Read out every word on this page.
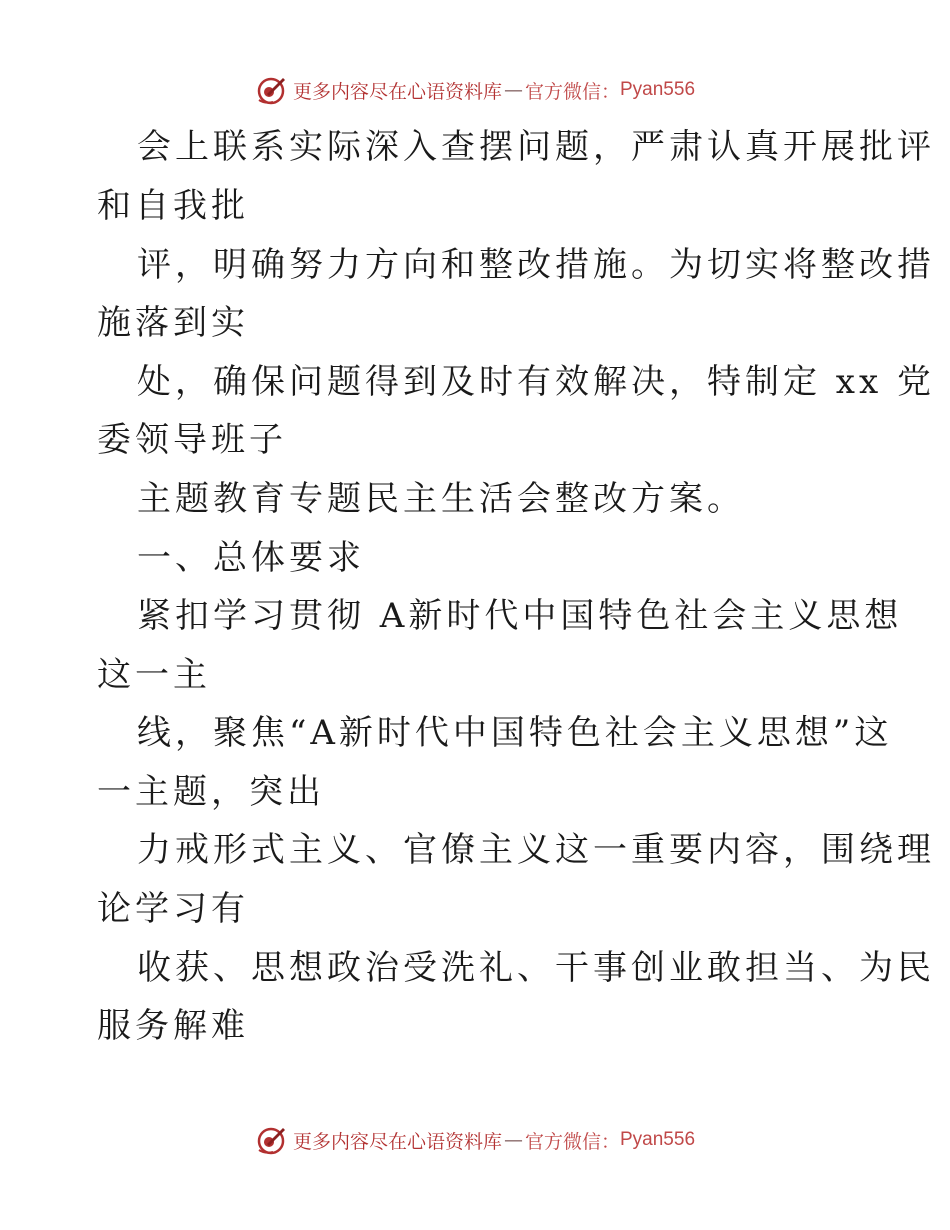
更多内容尽在心语资料库 — 官方微信： Pyan556
会上联系实际深入查摆问题，严肃认真开展批评
和自我批
评，明确努力方向和整改措施。为切实将整改措
施落到实
处，确保问题得到及时有效解决，特制定 xx 党
委领导班子
主题教育专题民主生活会整改方案。
一、总体要求
紧扣学习贯彻 A新时代中国特色社会主义思想
这一主
线，聚焦“A新时代中国特色社会主义思想”这
一主题，突出
力戒形式主义、官僚主义这一重要内容，围绕理
论学习有
收获、思想政治受洗礼、干事创业敢担当、为民
服务解难
更多内容尽在心语资料库 — 官方微信： Pyan556
